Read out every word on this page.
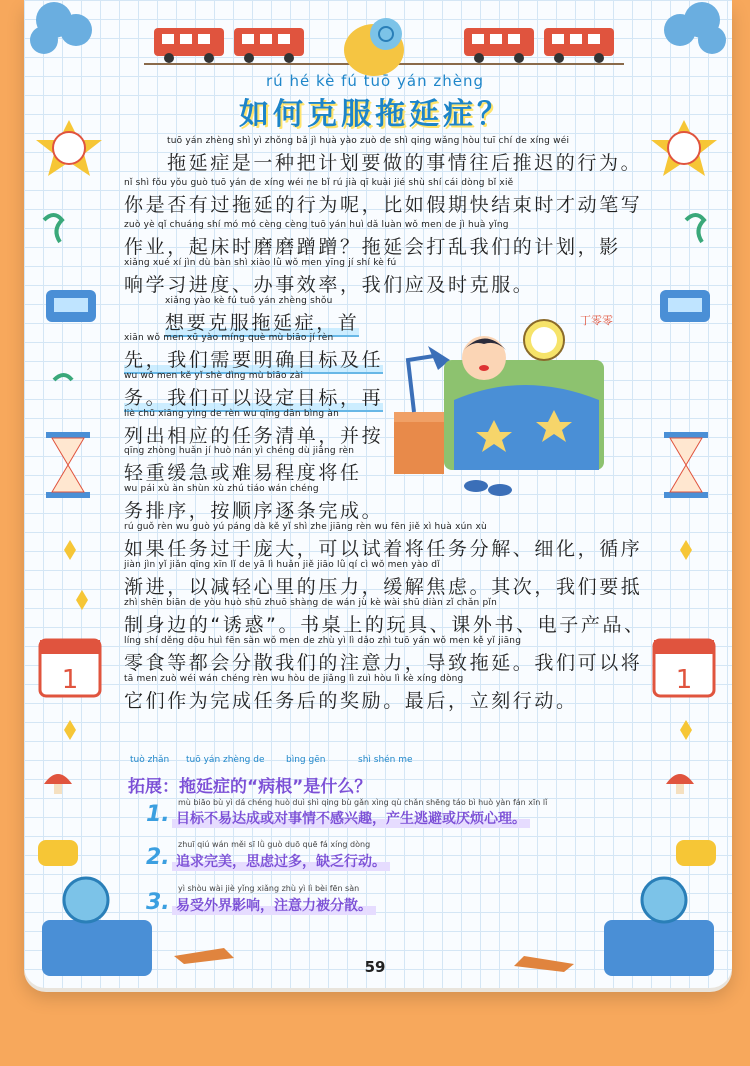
1	1
rú hé kè fú tuō yán zhèng
如何克服拖延症？
tuō yán zhèng shì yì zhǒng bǎ jì huà yào zuò de shì qing wǎng hòu tuī chí de xíng wéi
拖延症是一种把计划要做的事情往后推迟的行为。
nǐ shì fǒu yǒu guò tuō yán de xíng wéi ne bǐ rú jià qī kuài jié shù shí cái dòng bǐ xiě
你是否有过拖延的行为呢，比如假期快结束时才动笔写
zuò yè qǐ chuáng shí mó mó cèng cèng tuō yán huì dǎ luàn wǒ men de jì huà yǐng
作业，起床时磨磨蹭蹭？拖延会打乱我们的计划，影
xiǎng xué xí jìn dù bàn shì xiào lǜ wǒ men yīng jí shí kè fú
响学习进度、办事效率，我们应及时克服。
xiǎng yào kè fú tuō yán zhèng shǒu
想要克服拖延症，首
xiān wǒ men xū yào míng què mù biāo jí rèn
先，我们需要明确目标及任
wu wǒ men kě yǐ shè dìng mù biāo zài
务。我们可以设定目标，再
liè chū xiāng yìng de rèn wu qīng dān bìng àn
列出相应的任务清单，并按
qīng zhòng huǎn jí huò nán yì chéng dù jiāng rèn
轻重缓急或难易程度将任
wu pái xù àn shùn xù zhú tiáo wán chéng
务排序，按顺序逐条完成。
rú guǒ rèn wu guò yú páng dà kě yǐ shì zhe jiāng rèn wu fēn jiě xì huà xún xù
如果任务过于庞大，可以试着将任务分解、细化，循序
jiàn jìn yǐ jiǎn qīng xīn lǐ de yā lì huǎn jiě jiāo lǜ qí cì wǒ men yào dǐ
渐进，以减轻心里的压力，缓解焦虑。其次，我们要抵
zhì shēn biān de yòu huò shū zhuō shàng de wán jù kè wài shū diàn zǐ chǎn pǐn
制身边的“诱惑”。书桌上的玩具、课外书、电子产品、
líng shí děng dōu huì fēn sàn wǒ men de zhù yì lì dǎo zhì tuō yán wǒ men kě yǐ jiāng
零食等都会分散我们的注意力，导致拖延。我们可以将
tā men zuò wéi wán chéng rèn wu hòu de jiǎng lì zuì hòu lì kè xíng dòng
它们作为完成任务后的奖励。最后，立刻行动。
丁零零
tuò zhǎn tuō yán zhèng de bìng gēn	shì shén me
拓展：拖延症的“病根”是什么？
1. mù biāo bù yì dá chéng huò duì shì qing bù gǎn xìng qù chǎn shēng táo bì huò yàn fán xīn lǐ
目标不易达成或对事情不感兴趣，产生逃避或厌烦心理。
2.
zhuī qiú wán měi sī lǜ guò duō quē fá xíng dòng
追求完美，思虑过多，缺乏行动。
3.
yì shòu wài jiè yǐng xiǎng zhù yì lì bèi fēn sàn
易受外界影响，注意力被分散。
59
